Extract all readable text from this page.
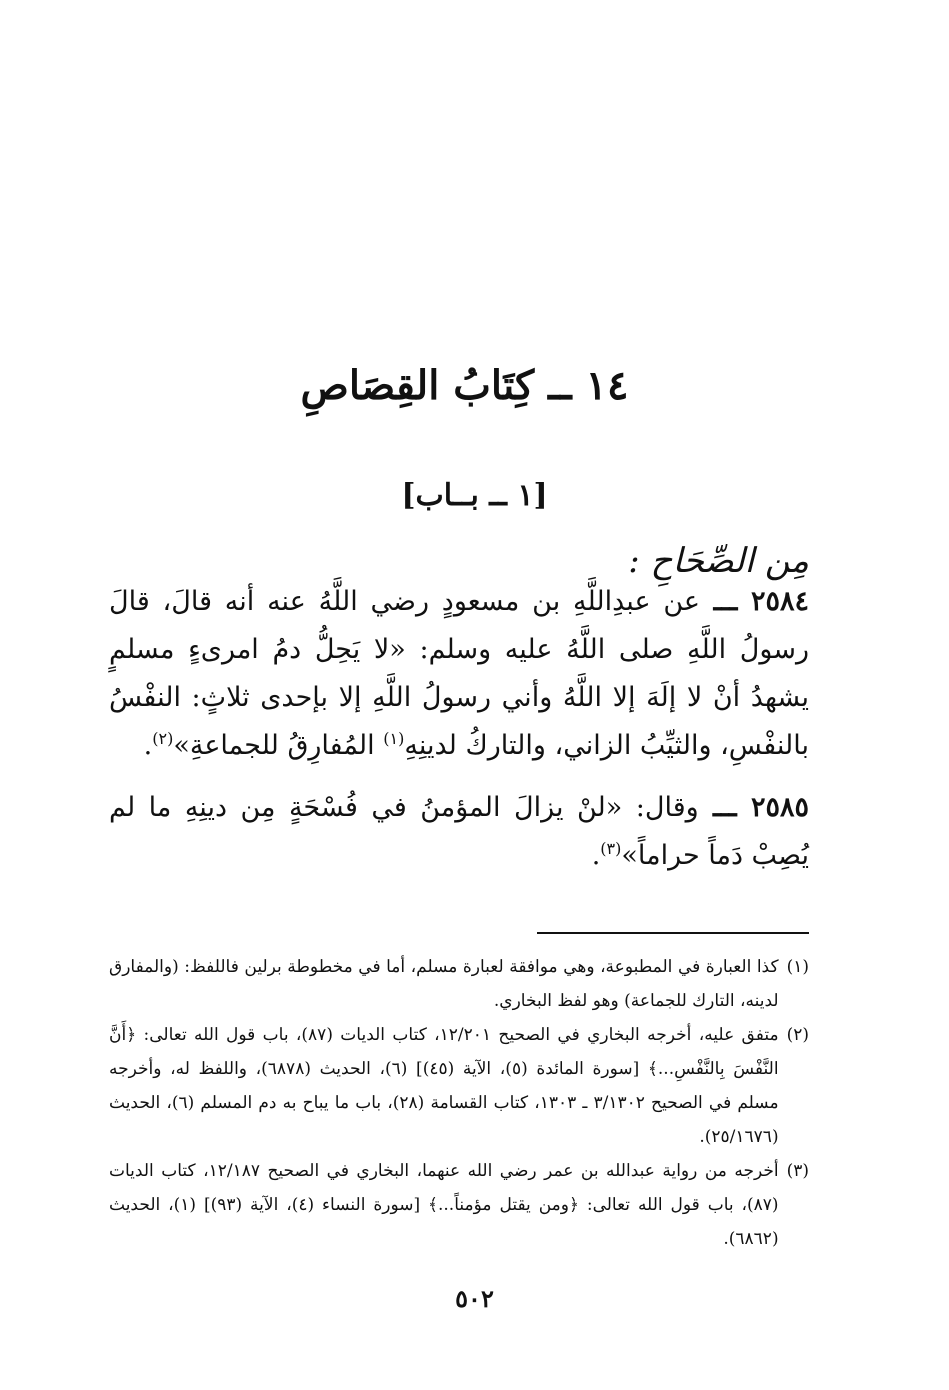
١٤ ــ كِتَابُ القِصَاصِ
[١ ــ بــاب]
مِن الصِّحَاحِ :
٢٥٨٤ ـــ عن عبدِاللَّهِ بن مسعودٍ رضي اللَّهُ عنه أنه قالَ، قالَ رسولُ اللَّهِ صلى اللَّهُ عليه وسلم: «لا يَحِلُّ دمُ امرىءٍ مسلمٍ يشهدُ أنْ لا إلَهَ إلا اللَّهُ وأني رسولُ اللَّهِ إلا بإحدى ثلاثٍ: النفْسُ بالنفْسِ، والثيِّبُ الزاني، والتاركُ لدينِهِ$^{(١)}$ المُفارِقُ للجماعةِ»$^{(٢)}$.
٢٥٨٥ ـــ وقال: «لنْ يزالَ المؤمنُ في فُسْحَةٍ مِن دينِهِ ما لم يُصِبْ دَماً حراماً»$^{(٣)}$.
(١)
كذا العبارة في المطبوعة، وهي موافقة لعبارة مسلم، أما في مخطوطة برلين فاللفظ: (والمفارق لدينه، التارك للجماعة) وهو لفظ البخاري.
(٢)
متفق عليه، أخرجه البخاري في الصحيح ١٢/٢٠١، كتاب الديات (٨٧)، باب قول الله تعالى: ﴿أَنَّ النَّفْسَ بِالنَّفْسِ...﴾ [سورة المائدة (٥)، الآية (٤٥)] (٦)، الحديث (٦٨٧٨)، واللفظ له، وأخرجه مسلم في الصحيح ٣/١٣٠٢ ـ ١٣٠٣، كتاب القسامة (٢٨)، باب ما يباح به دم المسلم (٦)، الحديث (٢٥/١٦٧٦).
(٣)
أخرجه من رواية عبدالله بن عمر رضي الله عنهما، البخاري في الصحيح ١٢/١٨٧، كتاب الديات (٨٧)، باب قول الله تعالى: ﴿ومن يقتل مؤمناً...﴾ [سورة النساء (٤)، الآية (٩٣)] (١)، الحديث (٦٨٦٢).
٥٠٢
